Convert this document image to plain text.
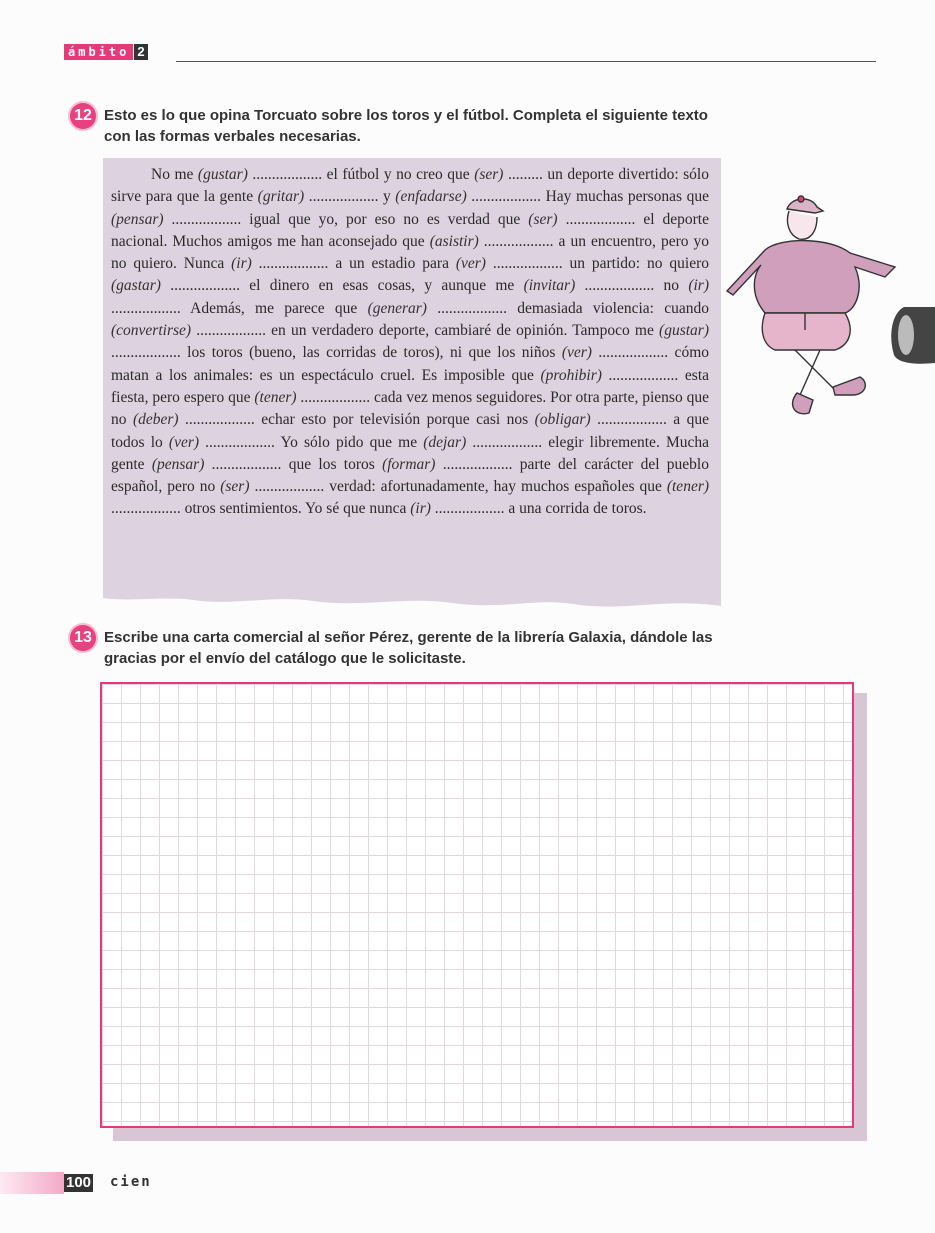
ámbito 2
12 Esto es lo que opina Torcuato sobre los toros y el fútbol. Completa el siguiente texto con las formas verbales necesarias.

No me (gustar) .................. el fútbol y no creo que (ser) ......... un deporte divertido: sólo sirve para que la gente (gritar) .................. y (enfadarse) .................. Hay muchas personas que (pensar) .................. igual que yo, por eso no es verdad que (ser) .................. el deporte nacional. Muchos amigos me han aconsejado que (asistir) .................. a un encuentro, pero yo no quiero. Nunca (ir) .................. a un estadio para (ver) .................. un partido: no quiero (gastar) .................. el dinero en esas cosas, y aunque me (invitar) .................. no (ir) .................. Además, me parece que (generar) .................. demasiada violencia: cuando (convertirse) .................. en un verdadero deporte, cambiaré de opinión. Tampoco me (gustar) .................. los toros (bueno, las corridas de toros), ni que los niños (ver) .................. cómo matan a los animales: es un espectáculo cruel. Es imposible que (prohibir) .................. esta fiesta, pero espero que (tener) .................. cada vez menos seguidores. Por otra parte, pienso que no (deber) .................. echar esto por televisión porque casi nos (obligar) .................. a que todos lo (ver) .................. Yo sólo pido que me (dejar) .................. elegir libremente. Mucha gente (pensar) .................. que los toros (formar) .................. parte del carácter del pueblo español, pero no (ser) .................. verdad: afortunadamente, hay muchos españoles que (tener) .................. otros sentimientos. Yo sé que nunca (ir) .................. a una corrida de toros.

13 Escribe una carta comercial al señor Pérez, gerente de la librería Galaxia, dándole las gracias por el envío del catálogo que le solicitaste.
100 cien
